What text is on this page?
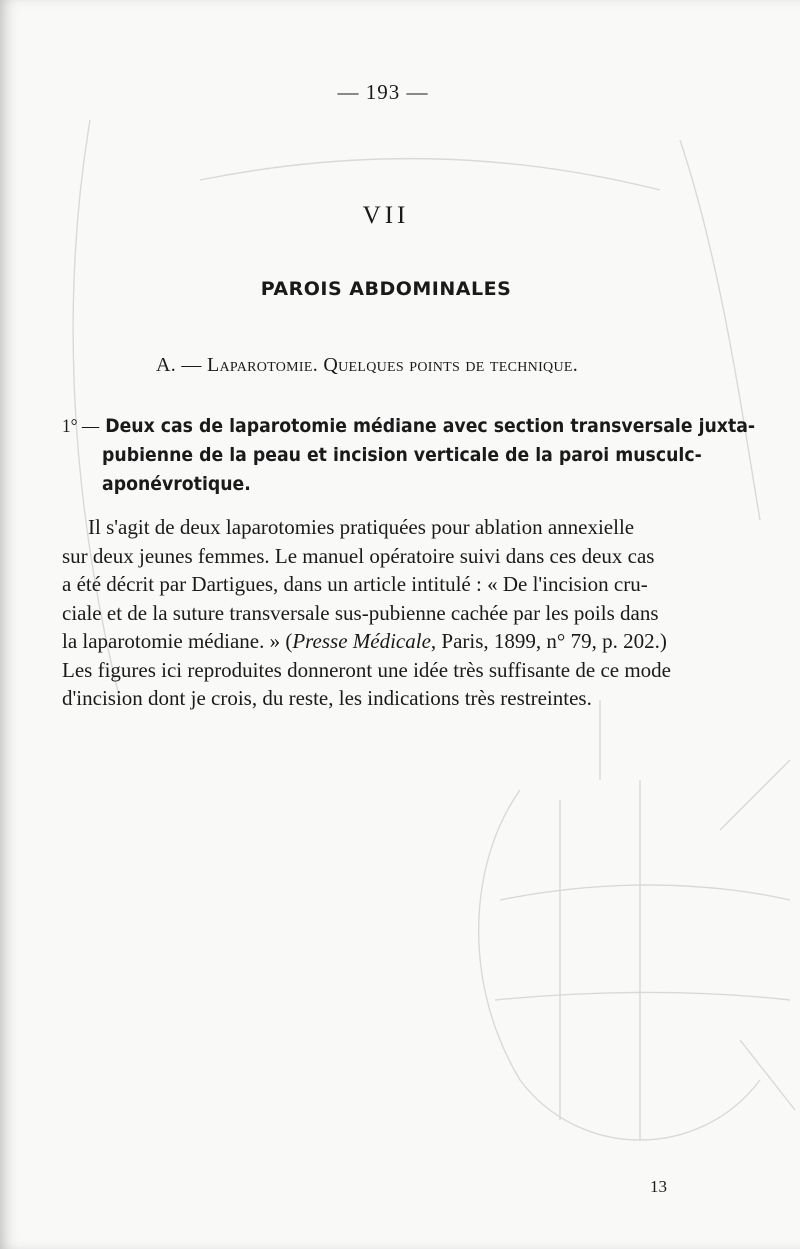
— 193 —
VII
PAROIS ABDOMINALES
A. — Laparotomie. Quelques points de technique.
1° — Deux cas de laparotomie médiane avec section transversale juxta-
pubienne de la peau et incision verticale de la paroi musculc-
aponévrotique.
Il s'agit de deux laparotomies pratiquées pour ablation annexielle
sur deux jeunes femmes. Le manuel opératoire suivi dans ces deux cas
a été décrit par Dartigues, dans un article intitulé : « De l'incision cru-
ciale et de la suture transversale sus-pubienne cachée par les poils dans
la laparotomie médiane. » (Presse Médicale, Paris, 1899, n° 79, p. 202.)
Les figures ici reproduites donneront une idée très suffisante de ce mode
d'incision dont je crois, du reste, les indications très restreintes.
13
